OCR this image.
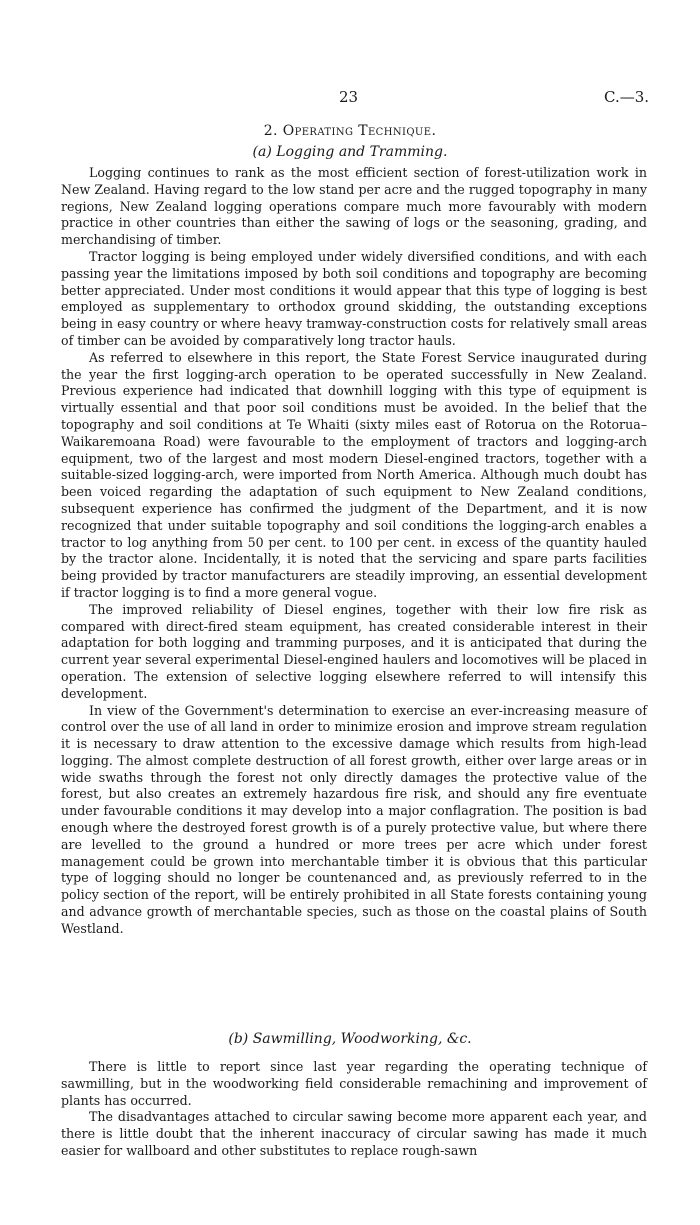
23	C.—3.
2. Operating Technique.
(a) Logging and Tramming.

Logging continues to rank as the most efficient section of forest-utilization work in New Zealand. Having regard to the low stand per acre and the rugged topography in many regions, New Zealand logging operations compare much more favourably with modern practice in other countries than either the sawing of logs or the seasoning, grading, and merchandising of timber.

Tractor logging is being employed under widely diversified conditions, and with each passing year the limitations imposed by both soil conditions and topography are becoming better appreciated. Under most conditions it would appear that this type of logging is best employed as supplementary to orthodox ground skidding, the outstanding exceptions being in easy country or where heavy tramway-construction costs for relatively small areas of timber can be avoided by comparatively long tractor hauls.

As referred to elsewhere in this report, the State Forest Service inaugurated during the year the first logging-arch operation to be operated successfully in New Zealand. Previous experience had indicated that downhill logging with this type of equipment is virtually essential and that poor soil conditions must be avoided. In the belief that the topography and soil conditions at Te Whaiti (sixty miles east of Rotorua on the Rotorua–Waikaremoana Road) were favourable to the employment of tractors and logging-arch equipment, two of the largest and most modern Diesel-engined tractors, together with a suitable-sized logging-arch, were imported from North America. Although much doubt has been voiced regarding the adaptation of such equipment to New Zealand conditions, subsequent experience has confirmed the judgment of the Department, and it is now recognized that under suitable topography and soil conditions the logging-arch enables a tractor to log anything from 50 per cent. to 100 per cent. in excess of the quantity hauled by the tractor alone. Incidentally, it is noted that the servicing and spare parts facilities being provided by tractor manufacturers are steadily improving, an essential development if tractor logging is to find a more general vogue.

The improved reliability of Diesel engines, together with their low fire risk as compared with direct-fired steam equipment, has created considerable interest in their adaptation for both logging and tramming purposes, and it is anticipated that during the current year several experimental Diesel-engined haulers and locomotives will be placed in operation. The extension of selective logging elsewhere referred to will intensify this development.

In view of the Government's determination to exercise an ever-increasing measure of control over the use of all land in order to minimize erosion and improve stream regulation it is necessary to draw attention to the excessive damage which results from high-lead logging. The almost complete destruction of all forest growth, either over large areas or in wide swaths through the forest not only directly damages the protective value of the forest, but also creates an extremely hazardous fire risk, and should any fire eventuate under favourable conditions it may develop into a major conflagration. The position is bad enough where the destroyed forest growth is of a purely protective value, but where there are levelled to the ground a hundred or more trees per acre which under forest management could be grown into merchantable timber it is obvious that this particular type of logging should no longer be countenanced and, as previously referred to in the policy section of the report, will be entirely prohibited in all State forests containing young and advance growth of merchantable species, such as those on the coastal plains of South Westland.

(b) Sawmilling, Woodworking, &c.

There is little to report since last year regarding the operating technique of sawmilling, but in the woodworking field considerable remachining and improvement of plants has occurred.

The disadvantages attached to circular sawing become more apparent each year, and there is little doubt that the inherent inaccuracy of circular sawing has made it much easier for wallboard and other substitutes to replace rough-sawn
